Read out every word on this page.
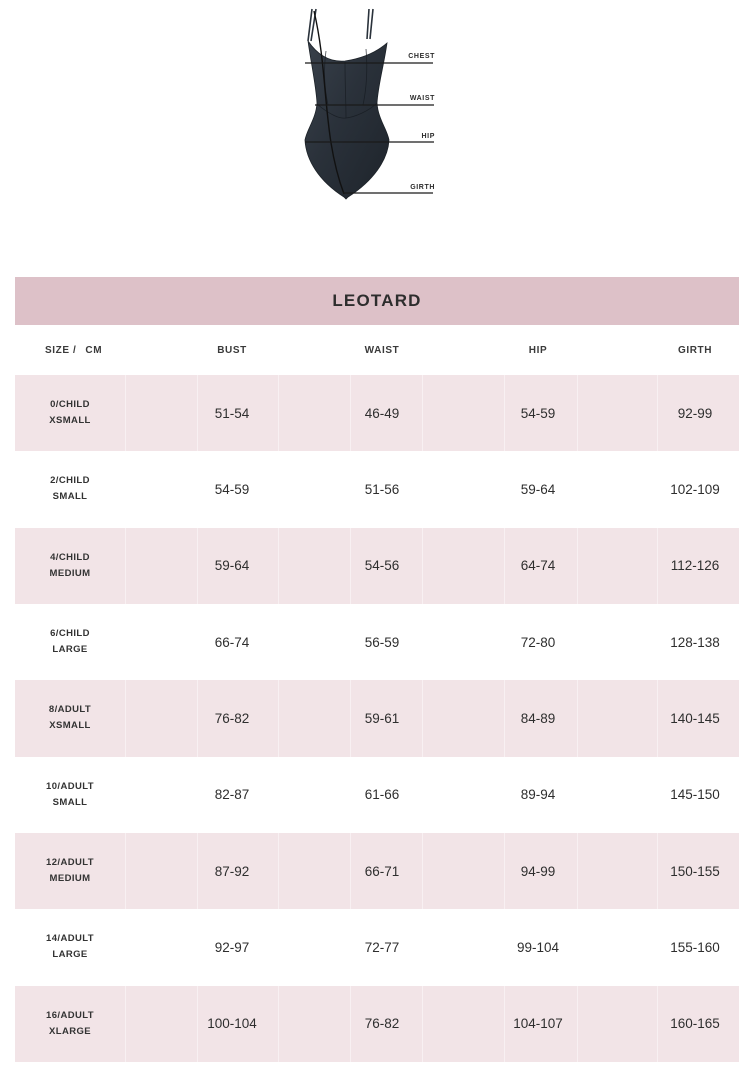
CHEST
WAIST
HIP
GIRTH
LEOTARD
SIZE / CM	BUST	WAIST	HIP	GIRTH
0/CHILD
XSMALL	51-54	46-49	54-59	92-99
2/CHILD
SMALL	54-59	51-56	59-64	102-109
4/CHILD
MEDIUM	59-64	54-56	64-74	112-126
6/CHILD
LARGE	66-74	56-59	72-80	128-138
8/ADULT
XSMALL	76-82	59-61	84-89	140-145
10/ADULT
SMALL	82-87	61-66	89-94	145-150
12/ADULT
MEDIUM	87-92	66-71	94-99	150-155
14/ADULT
LARGE	92-97	72-77	99-104	155-160
16/ADULT
XLARGE	100-104	76-82	104-107	160-165
